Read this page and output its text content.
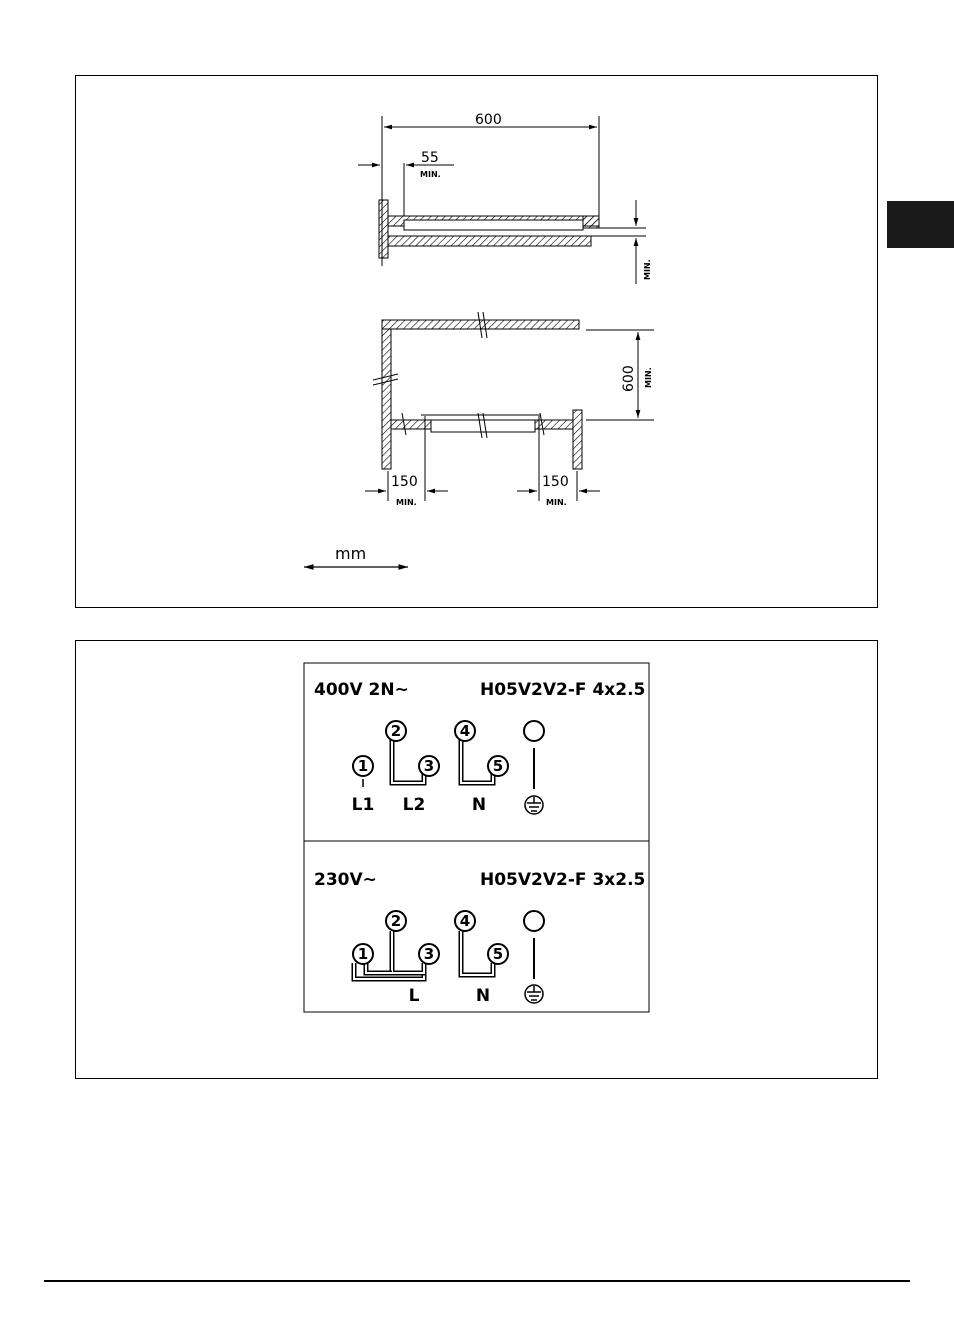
600
55
MIN.
MIN.
600 MIN.
150
MIN.
150
MIN.
mm
400V 2N~	H05V2V2-F 4x2.5
1
2
3
4
5
L1 L2	N
230V~	H05V2V2-F 3x2.5
1
2
3
4
5
L	N
